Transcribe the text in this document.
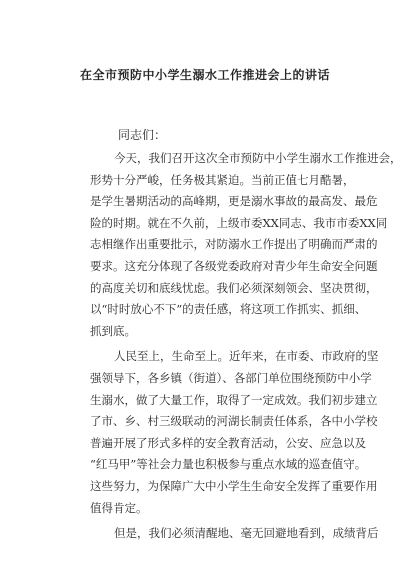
在全市预防中小学生溺水工作推进会上的讲话
同志们：
今天，我们召开这次全市预防中小学生溺水工作推进会，
形势十分严峻，任务极其紧迫。当前正值七月酷暑，
是学生暑期活动的高峰期，更是溺水事故的最高发、最危
险的时期。就在不久前，上级市委XX同志、我市市委XX同
志相继作出重要批示，对防溺水工作提出了明确而严肃的
要求。这充分体现了各级党委政府对青少年生命安全问题
的高度关切和底线忧虑。我们必须深刻领会、坚决贯彻，
以“时时放心不下”的责任感，将这项工作抓实、抓细、
抓到底。
人民至上，生命至上。近年来，在市委、市政府的坚
强领导下，各乡镇（街道）、各部门单位围绕预防中小学
生溺水，做了大量工作，取得了一定成效。我们初步建立
了市、乡、村三级联动的河湖长制责任体系，各中小学校
普遍开展了形式多样的安全教育活动，公安、应急以及
“红马甲”等社会力量也积极参与重点水域的巡查值守。
这些努力，为保障广大中小学生生命安全发挥了重要作用
值得肯定。
但是，我们必须清醒地、毫无回避地看到，成绩背后
